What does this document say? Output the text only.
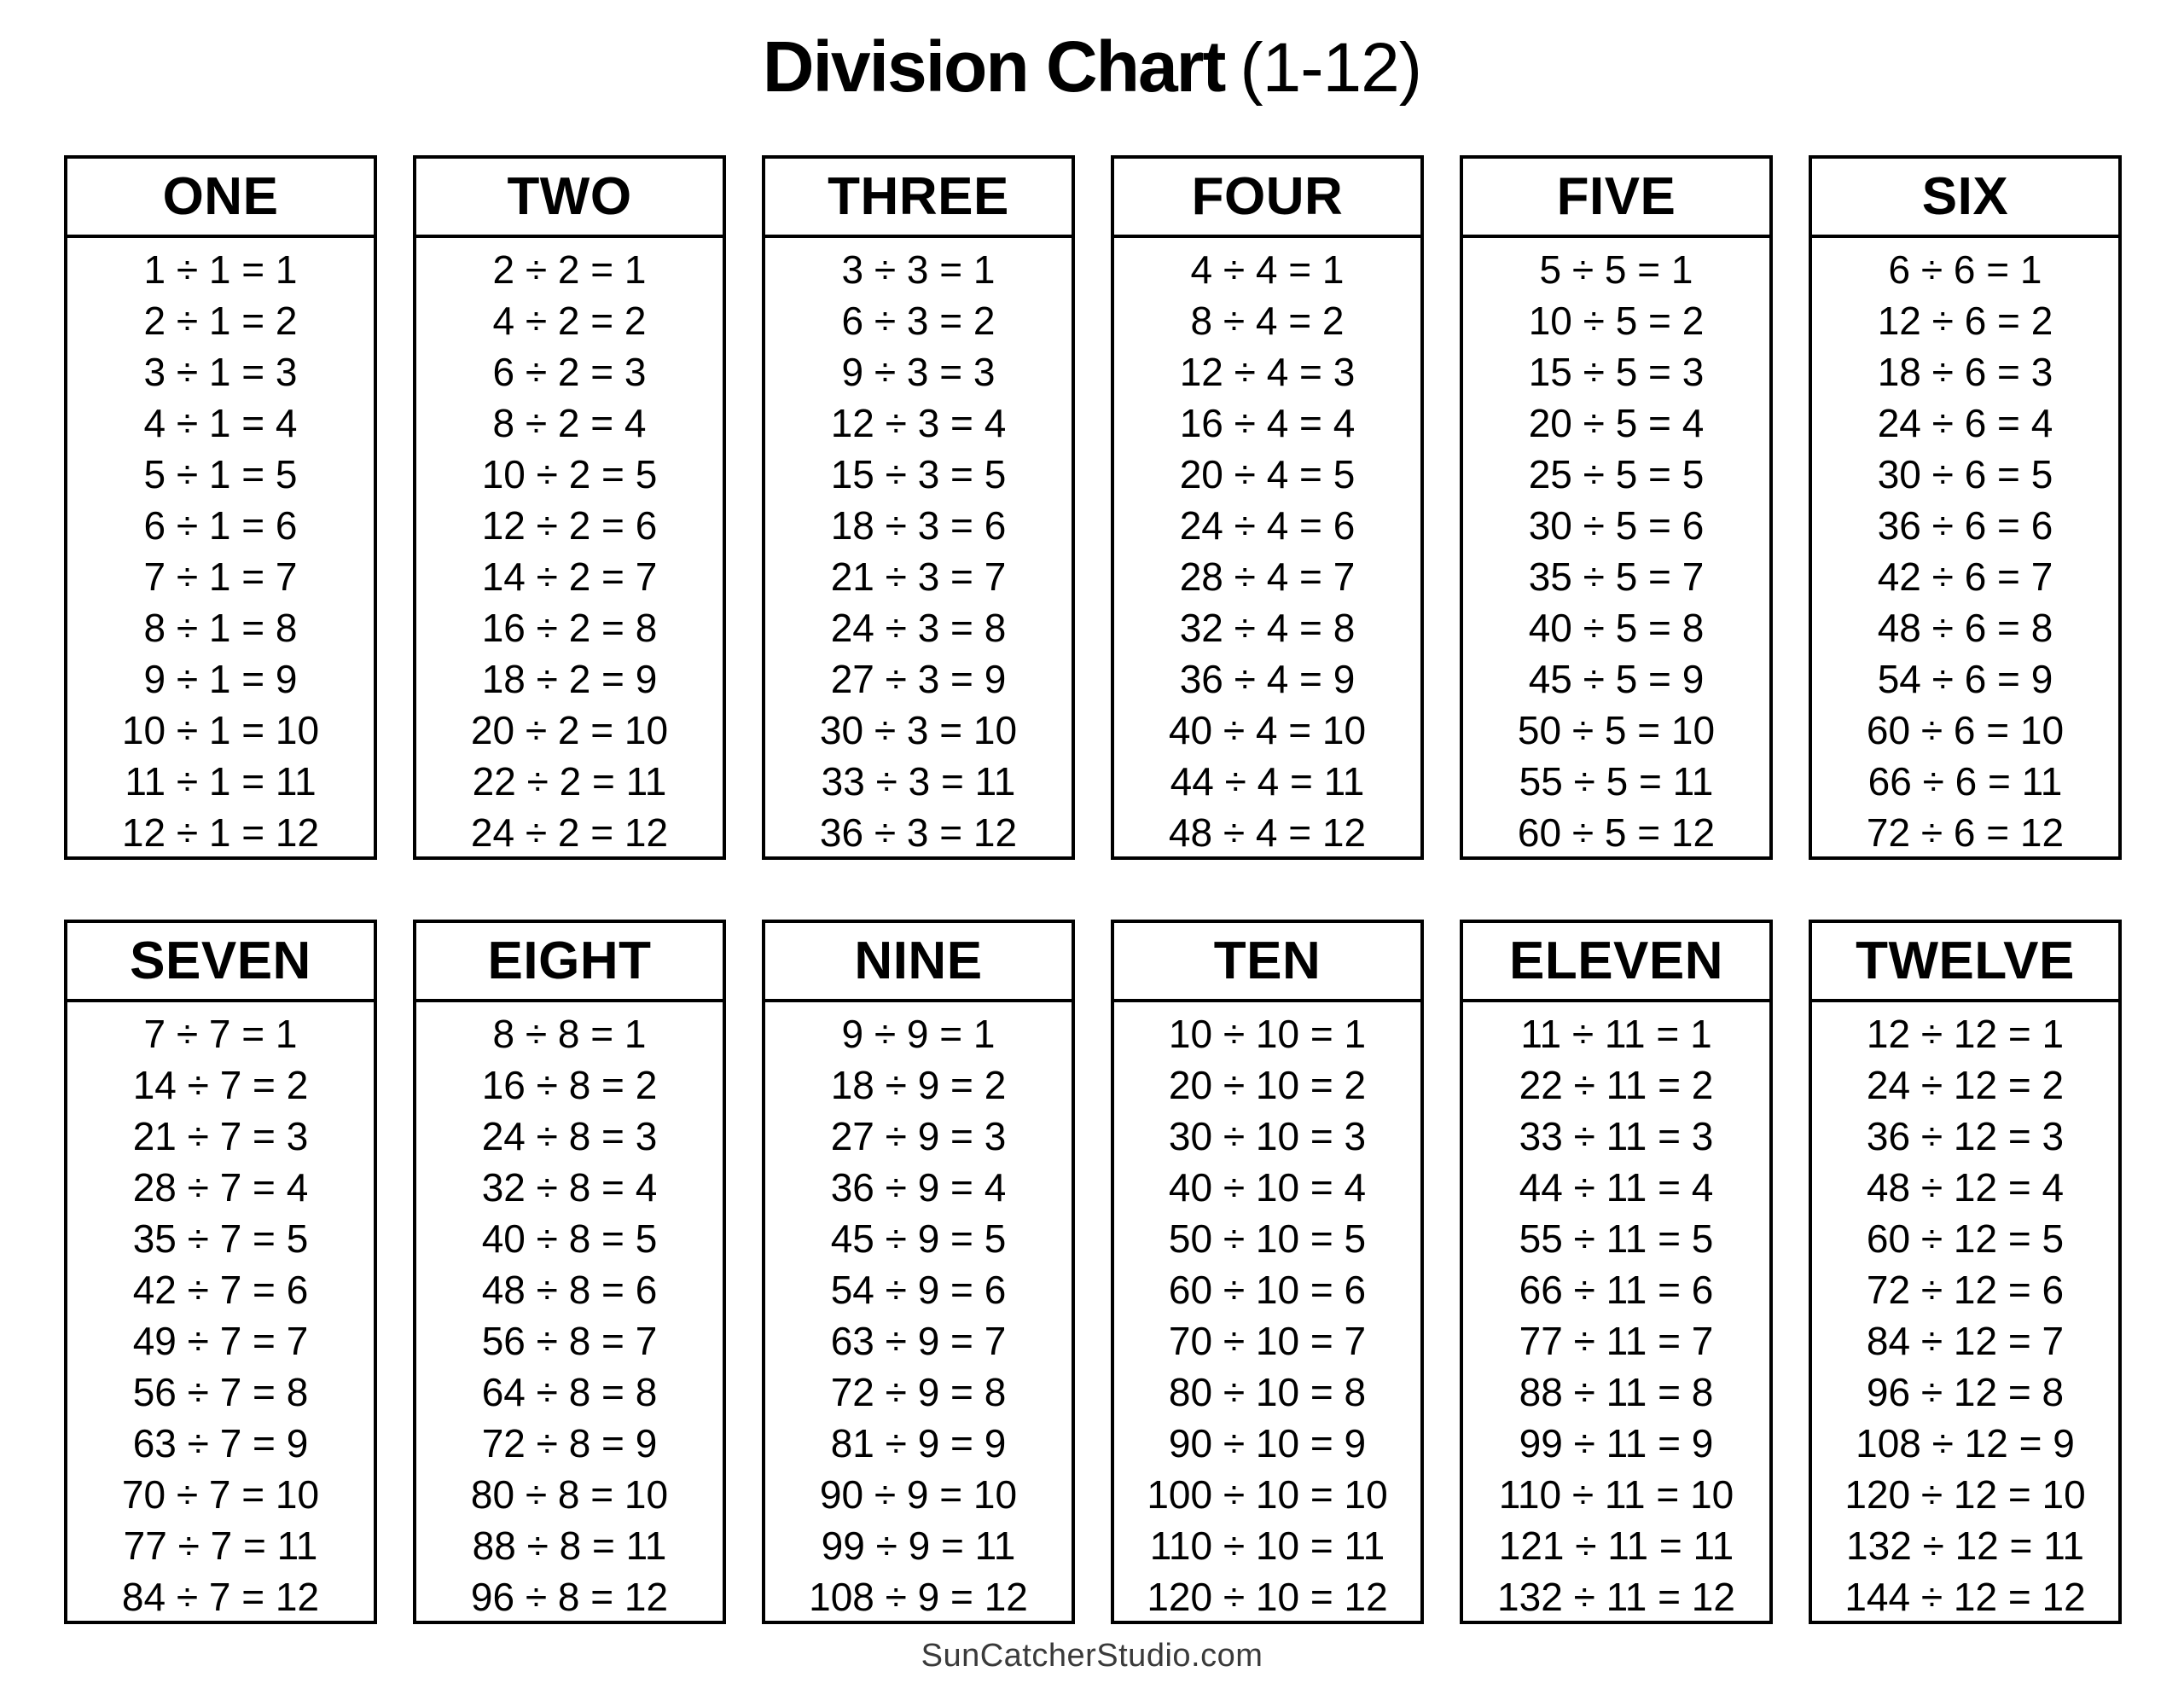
Division Chart (1-12)
ONE
1 ÷ 1 = 1
2 ÷ 1 = 2
3 ÷ 1 = 3
4 ÷ 1 = 4
5 ÷ 1 = 5
6 ÷ 1 = 6
7 ÷ 1 = 7
8 ÷ 1 = 8
9 ÷ 1 = 9
10 ÷ 1 = 10
11 ÷ 1 = 11
12 ÷ 1 = 12
TWO
2 ÷ 2 = 1
4 ÷ 2 = 2
6 ÷ 2 = 3
8 ÷ 2 = 4
10 ÷ 2 = 5
12 ÷ 2 = 6
14 ÷ 2 = 7
16 ÷ 2 = 8
18 ÷ 2 = 9
20 ÷ 2 = 10
22 ÷ 2 = 11
24 ÷ 2 = 12
THREE
3 ÷ 3 = 1
6 ÷ 3 = 2
9 ÷ 3 = 3
12 ÷ 3 = 4
15 ÷ 3 = 5
18 ÷ 3 = 6
21 ÷ 3 = 7
24 ÷ 3 = 8
27 ÷ 3 = 9
30 ÷ 3 = 10
33 ÷ 3 = 11
36 ÷ 3 = 12
FOUR
4 ÷ 4 = 1
8 ÷ 4 = 2
12 ÷ 4 = 3
16 ÷ 4 = 4
20 ÷ 4 = 5
24 ÷ 4 = 6
28 ÷ 4 = 7
32 ÷ 4 = 8
36 ÷ 4 = 9
40 ÷ 4 = 10
44 ÷ 4 = 11
48 ÷ 4 = 12
FIVE
5 ÷ 5 = 1
10 ÷ 5 = 2
15 ÷ 5 = 3
20 ÷ 5 = 4
25 ÷ 5 = 5
30 ÷ 5 = 6
35 ÷ 5 = 7
40 ÷ 5 = 8
45 ÷ 5 = 9
50 ÷ 5 = 10
55 ÷ 5 = 11
60 ÷ 5 = 12
SIX
6 ÷ 6 = 1
12 ÷ 6 = 2
18 ÷ 6 = 3
24 ÷ 6 = 4
30 ÷ 6 = 5
36 ÷ 6 = 6
42 ÷ 6 = 7
48 ÷ 6 = 8
54 ÷ 6 = 9
60 ÷ 6 = 10
66 ÷ 6 = 11
72 ÷ 6 = 12
SEVEN
7 ÷ 7 = 1
14 ÷ 7 = 2
21 ÷ 7 = 3
28 ÷ 7 = 4
35 ÷ 7 = 5
42 ÷ 7 = 6
49 ÷ 7 = 7
56 ÷ 7 = 8
63 ÷ 7 = 9
70 ÷ 7 = 10
77 ÷ 7 = 11
84 ÷ 7 = 12
EIGHT
8 ÷ 8 = 1
16 ÷ 8 = 2
24 ÷ 8 = 3
32 ÷ 8 = 4
40 ÷ 8 = 5
48 ÷ 8 = 6
56 ÷ 8 = 7
64 ÷ 8 = 8
72 ÷ 8 = 9
80 ÷ 8 = 10
88 ÷ 8 = 11
96 ÷ 8 = 12
NINE
9 ÷ 9 = 1
18 ÷ 9 = 2
27 ÷ 9 = 3
36 ÷ 9 = 4
45 ÷ 9 = 5
54 ÷ 9 = 6
63 ÷ 9 = 7
72 ÷ 9 = 8
81 ÷ 9 = 9
90 ÷ 9 = 10
99 ÷ 9 = 11
108 ÷ 9 = 12
TEN
10 ÷ 10 = 1
20 ÷ 10 = 2
30 ÷ 10 = 3
40 ÷ 10 = 4
50 ÷ 10 = 5
60 ÷ 10 = 6
70 ÷ 10 = 7
80 ÷ 10 = 8
90 ÷ 10 = 9
100 ÷ 10 = 10
110 ÷ 10 = 11
120 ÷ 10 = 12
ELEVEN
11 ÷ 11 = 1
22 ÷ 11 = 2
33 ÷ 11 = 3
44 ÷ 11 = 4
55 ÷ 11 = 5
66 ÷ 11 = 6
77 ÷ 11 = 7
88 ÷ 11 = 8
99 ÷ 11 = 9
110 ÷ 11 = 10
121 ÷ 11 = 11
132 ÷ 11 = 12
TWELVE
12 ÷ 12 = 1
24 ÷ 12 = 2
36 ÷ 12 = 3
48 ÷ 12 = 4
60 ÷ 12 = 5
72 ÷ 12 = 6
84 ÷ 12 = 7
96 ÷ 12 = 8
108 ÷ 12 = 9
120 ÷ 12 = 10
132 ÷ 12 = 11
144 ÷ 12 = 12
SunCatcherStudio.com
